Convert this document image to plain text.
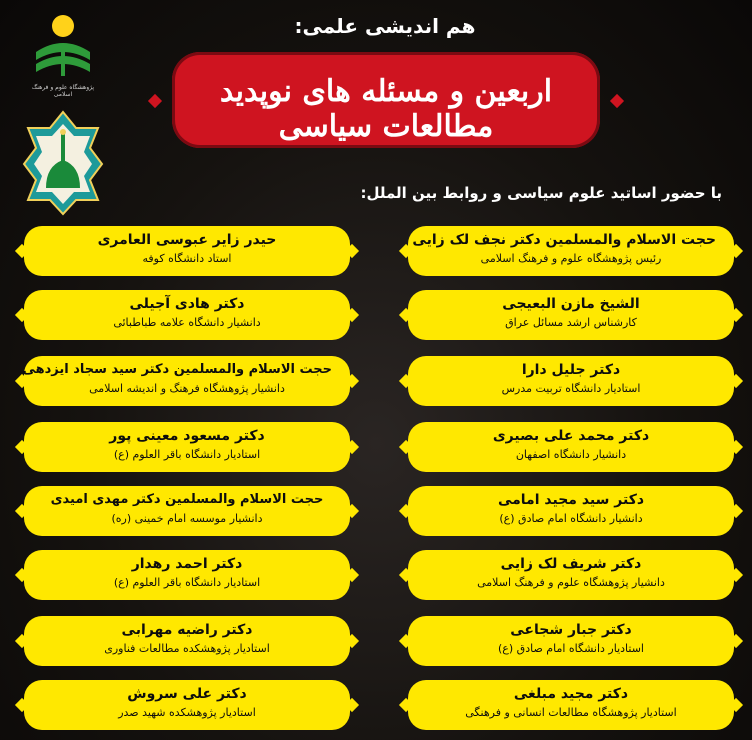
پژوهشگاه علوم و فرهنگ اسلامی
هم اندیشی علمی:
اربعین و مسئله های نوپدید مطالعات سیاسی
با حضور اساتید علوم سیاسی و روابط بین الملل:
حجت الاسلام والمسلمین دکتر نجف لک زایی
رئیس پژوهشگاه علوم و فرهنگ اسلامی
الشیخ مازن البعیجی
کارشناس ارشد مسائل عراق
دکتر جلیل دارا
استادیار دانشگاه تربیت مدرس
دکتر محمد علی بصیری
دانشیار دانشگاه اصفهان
دکتر سید مجید امامی
دانشیار دانشگاه امام صادق (ع)
دکتر شریف لک زایی
دانشیار پژوهشگاه علوم و فرهنگ اسلامی
دکتر جبار شجاعی
استادیار دانشگاه امام صادق (ع)
دکتر مجید مبلغی
استادیار پژوهشگاه مطالعات انسانی و فرهنگی
حیدر زایر عبوسی العامری
استاد دانشگاه کوفه
دکتر هادی آجیلی
دانشیار دانشگاه علامه طباطبائی
حجت الاسلام والمسلمین دکتر سید سجاد ایزدهی
دانشیار پژوهشگاه فرهنگ و اندیشه اسلامی
دکتر مسعود معینی پور
استادیار دانشگاه باقر العلوم (ع)
حجت الاسلام والمسلمین دکتر مهدی امیدی
دانشیار موسسه امام خمینی (ره)
دکتر احمد رهدار
استادیار دانشگاه باقر العلوم (ع)
دکتر راضیه مهرابی
استادیار پژوهشکده مطالعات فناوری
دکتر علی سروش
استادیار پژوهشکده شهید صدر
